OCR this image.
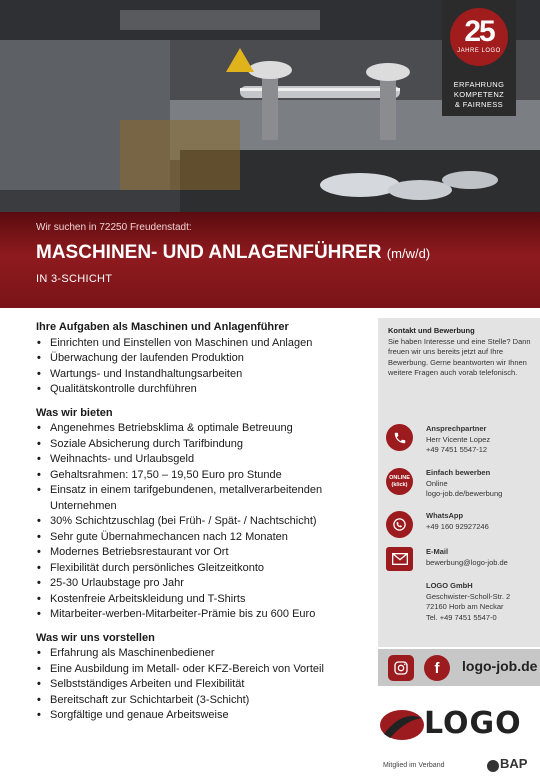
25
JAHRE LOGO
ERFAHRUNG
KOMPETENZ
& FAIRNESS
Wir suchen in 72250 Freudenstadt:
MASCHINEN- UND ANLAGENFÜHRER (m/w/d)
IN 3-SCHICHT
Ihre Aufgaben als Maschinen und Anlagenführer
• Einrichten und Einstellen von Maschinen und Anlagen
• Überwachung der laufenden Produktion
• Wartungs- und Instandhaltungsarbeiten
• Qualitätskontrolle durchführen
Was wir bieten
• Angenehmes Betriebsklima & optimale Betreuung
• Soziale Absicherung durch Tarifbindung
• Weihnachts- und Urlaubsgeld
• Gehaltsrahmen: 17,50 – 19,50 Euro pro Stunde
• Einsatz in einem tarifgebundenen, metallverarbeitenden Unternehmen
• 30% Schichtzuschlag (bei Früh- / Spät- / Nachtschicht)
• Sehr gute Übernahmechancen nach 12 Monaten
• Modernes Betriebsrestaurant vor Ort
• Flexibilität durch persönliches Gleitzeitkonto
• 25-30 Urlaubstage pro Jahr
• Kostenfreie Arbeitskleidung und T-Shirts
• Mitarbeiter-werben-Mitarbeiter-Prämie bis zu 600 Euro
Was wir uns vorstellen
• Erfahrung als Maschinenbediener
• Eine Ausbildung im Metall- oder KFZ-Bereich von Vorteil
• Selbstständiges Arbeiten und Flexibilität
• Bereitschaft zur Schichtarbeit (3-Schicht)
• Sorgfältige und genaue Arbeitsweise
Kontakt und Bewerbung
Sie haben Interesse und eine Stelle? Dann freuen wir uns bereits jetzt auf Ihre Bewerbung. Gerne beantworten wir Ihnen weitere Fragen auch vorab telefonisch.
Ansprechpartner
Herr Vicente Lopez
+49 7451 5547-12
ONLINE
(klick)
Einfach bewerben
Online
logo-job.de/bewerbung
WhatsApp
+49 160 92927246
E-Mail
bewerbung@logo-job.de
LOGO GmbH
Geschwister-Scholl-Str. 2
72160 Horb am Neckar
Tel. +49 7451 5547-0
f	logo-job.de
LOGO
Mitglied im Verband	BAP
